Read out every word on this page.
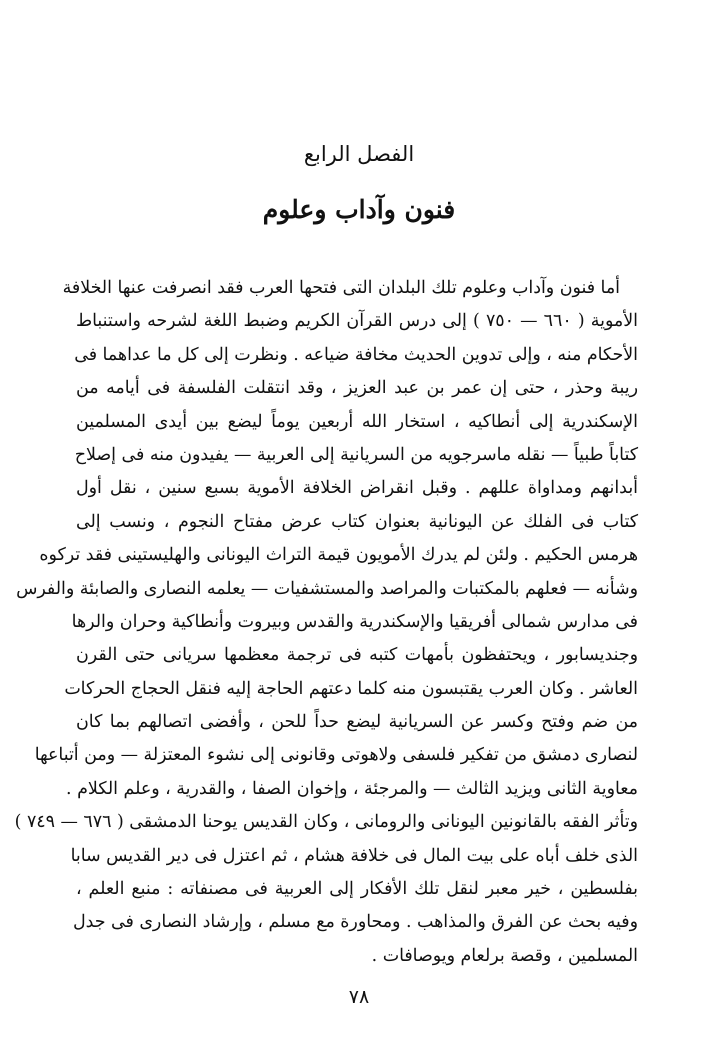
الفصل الرابع
فنون وآداب وعلوم
أما فنون وآداب وعلوم تلك البلدان التى فتحها العرب فقد انصرفت عنها الخلافة
الأموية ( ٦٦٠ — ٧٥٠ ) إلى درس القرآن الكريم وضبط اللغة لشرحه واستنباط
الأحكام منه ، وإلى تدوين الحديث مخافة ضياعه . ونظرت إلى كل ما عداهما فى
ريبة وحذر ، حتى إن عمر بن عبد العزيز ، وقد انتقلت الفلسفة فى أيامه من
الإسكندرية إلى أنطاكيه ، استخار الله أربعين يوماً ليضع بين أيدى المسلمين
كتاباً طبياً — نقله ماسرجويه من السريانية إلى العربية — يفيدون منه فى إصلاح
أبدانهم ومداواة عللهم . وقبل انقراض الخلافة الأموية بسبع سنين ، نقل أول
كتاب فى الفلك عن اليونانية بعنوان كتاب عرض مفتاح النجوم ، ونسب إلى
هرمس الحكيم . ولئن لم يدرك الأمويون قيمة التراث اليونانى والهليستينى فقد تركوه
وشأنه — فعلهم بالمكتبات والمراصد والمستشفيات — يعلمه النصارى والصابئة والفرس
فى مدارس شمالى أفريقيا والإسكندرية والقدس وبيروت وأنطاكية وحران والرها
وجنديسابور ، ويحتفظون بأمهات كتبه فى ترجمة معظمها سريانى حتى القرن
العاشر . وكان العرب يقتبسون منه كلما دعتهم الحاجة إليه فنقل الحجاج الحركات
من ضم وفتح وكسر عن السريانية ليضع حداً للحن ، وأفضى اتصالهم بما كان
لنصارى دمشق من تفكير فلسفى ولاهوتى وقانونى إلى نشوء المعتزلة — ومن أتباعها
معاوية الثانى ويزيد الثالث — والمرجئة ، وإخوان الصفا ، والقدرية ، وعلم الكلام .
وتأثر الفقه بالقانونين اليونانى والرومانى ، وكان القديس يوحنا الدمشقى ( ٦٧٦ — ٧٤٩ )
الذى خلف أباه على بيت المال فى خلافة هشام ، ثم اعتزل فى دير القديس سابا
بفلسطين ، خير معبر لنقل تلك الأفكار إلى العربية فى مصنفاته : منبع العلم ،
وفيه بحث عن الفرق والمذاهب . ومحاورة مع مسلم ، وإرشاد النصارى فى جدل
المسلمين ، وقصة برلعام ويوصافات .
٧٨
